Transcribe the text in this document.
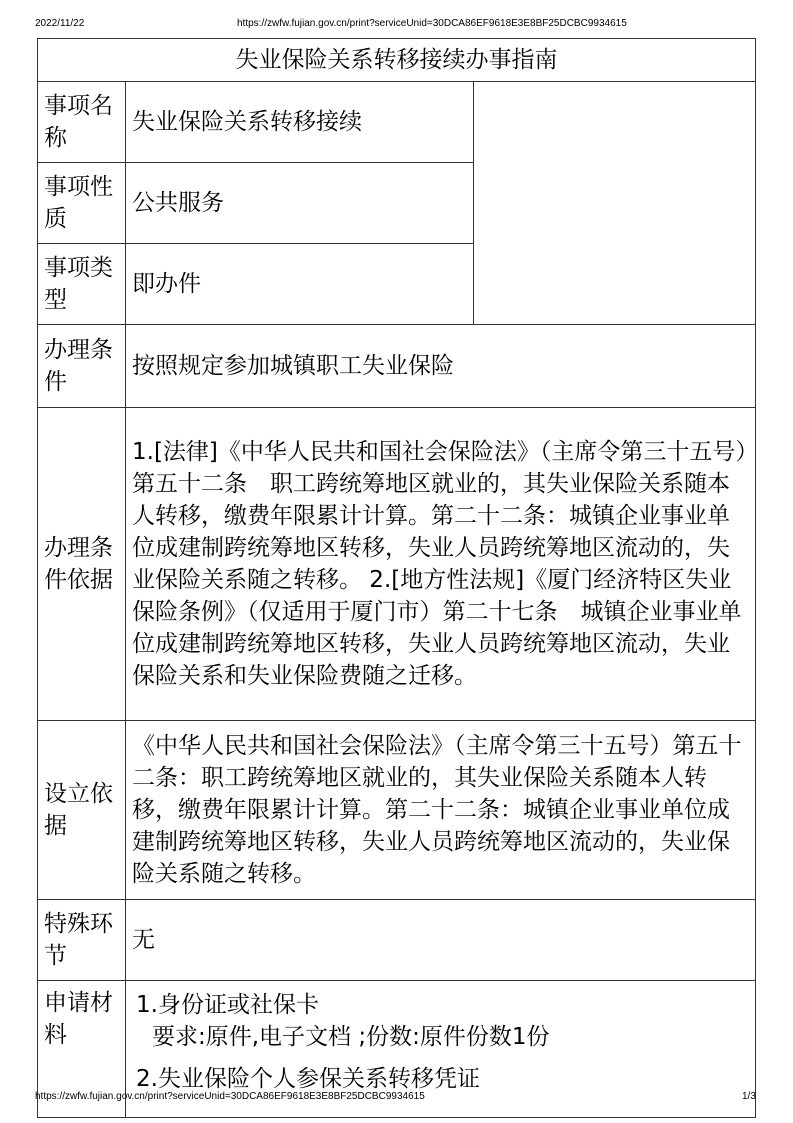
2022/11/22	https://zwfw.fujian.gov.cn/print?serviceUnid=30DCA86EF9618E3E8BF25DCBC9934615
失业保险关系转移接续办事指南		
事项名称	失业保险关系转移接续	
事项性质	公共服务	
事项类型	即办件	
办理条件	按照规定参加城镇职工失业保险	
办理条件依据	1.[法律]《中华人民共和国社会保险法》（主席令第三十五号）第五十二条　职工跨统筹地区就业的，其失业保险关系随本人转移，缴费年限累计计算。第二十二条：城镇企业事业单位成建制跨统筹地区转移，失业人员跨统筹地区流动的，失业保险关系随之转移。 2.[地方性法规]《厦门经济特区失业保险条例》（仅适用于厦门市）第二十七条　城镇企业事业单位成建制跨统筹地区转移，失业人员跨统筹地区流动，失业保险关系和失业保险费随之迁移。	
设立依据	《中华人民共和国社会保险法》（主席令第三十五号）第五十二条：职工跨统筹地区就业的，其失业保险关系随本人转移，缴费年限累计计算。第二十二条：城镇企业事业单位成建制跨统筹地区转移，失业人员跨统筹地区流动的，失业保险关系随之转移。	
特殊环节	无	
申请材料	1.身份证或社保卡
要求:原件,电子文档 ;份数:原件份数1份
2.失业保险个人参保关系转移凭证	
https://zwfw.fujian.gov.cn/print?serviceUnid=30DCA86EF9618E3E8BF25DCBC9934615	1/3
